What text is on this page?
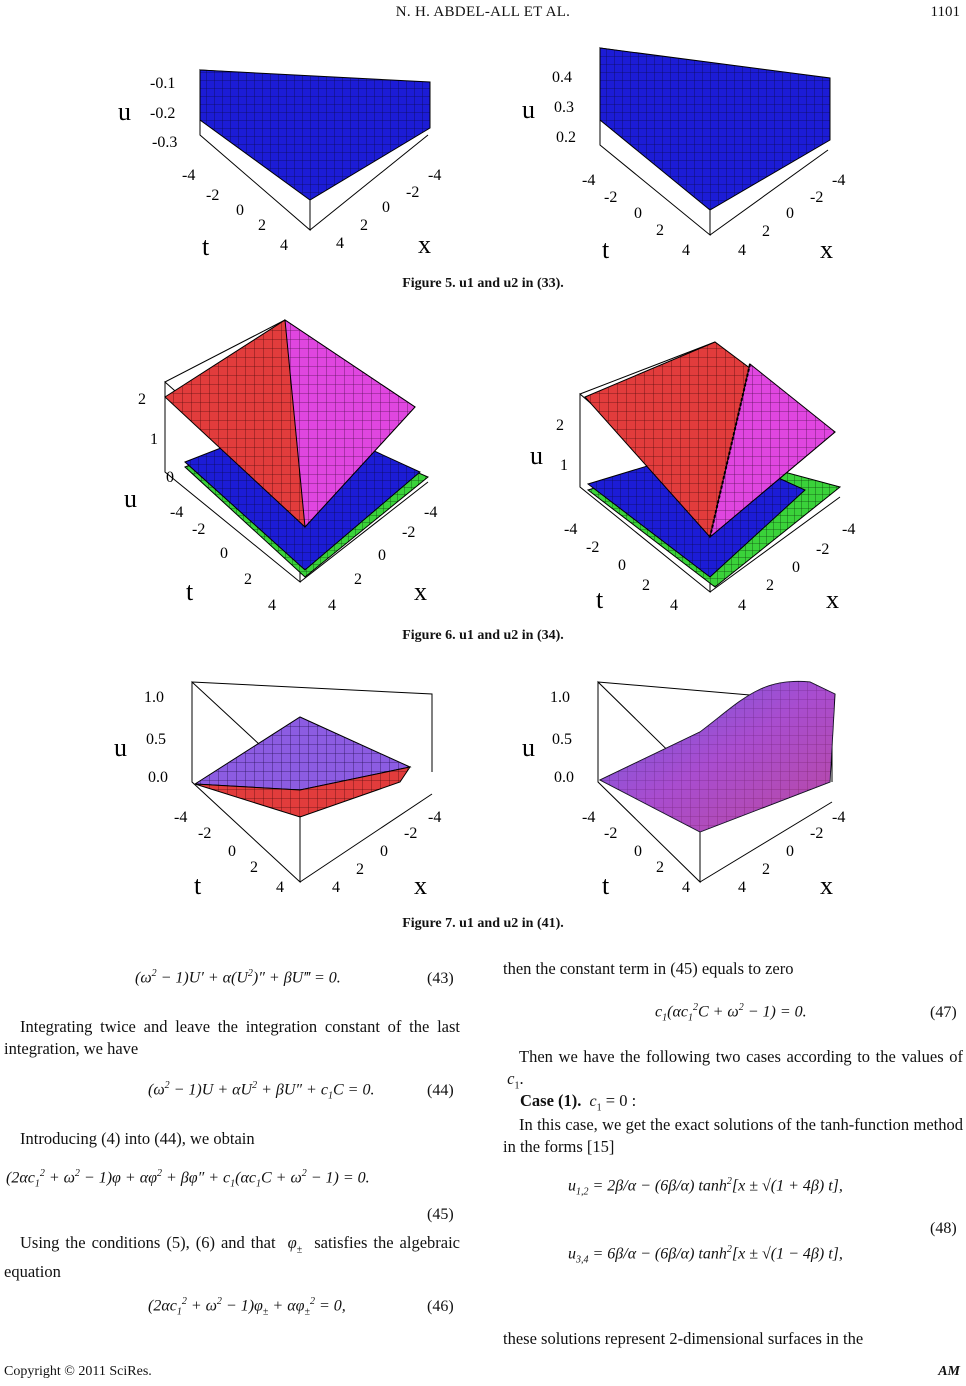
N. H. ABDEL-ALL ET AL.	1101
-0.1
-0.2
-0.3
u
-4
-2
0
2
4
t
-4
-2
0
2
4	x
0.4
0.3
0.2
u
-4
-2
0
2
4
t
-4
-2
0
2
4	x
Figure 5. u1 and u2 in (33).
2
1
0
u -4
-2
0
2
4
t
-4
-2
0
2
4	x
2
1
u
-4
-2
0
2
4
t
-4
-2
0
2
4	x
Figure 6. u1 and u2 in (34).
1.0
0.5
0.0
u
-4
-2
0
2
4
t
-4
-2
0
2
4	x
1.0
0.5
0.0
u
-4
-2
0
2
4
t
-4
-2
0
2
4	x
Figure 7. u1 and u2 in (41).
$(\omega^2 - 1)U' + \alpha(U^2)''$ + βU‴ = 0.	(43)
Integrating twice and leave the integration constant of the last integration, we have
$(\omega^2 - 1)U + \alpha U^2 + \beta U'' + c_1C = 0$.	(44)
Introducing (4) into (44), we obtain
$(2\alpha c_1^2 + \omega^2 - 1)\varphi + \alpha\varphi^2 + \beta\varphi'' + c_1(\alpha c_1C + \omega^2 - 1) = 0$.
(45)
Using the conditions (5), (6) and that  $\varphi_\pm$ satisfies the algebraic equation
$(2\alpha c_1^2 + \omega^2 - 1)\varphi_\pm + \alpha\varphi_\pm^2 = 0$,	(46)
then the constant term in (45) equals to zero
$c_1(\alpha c_1^2C + \omega^2 - 1) = 0$.	(47)
Then we have the following two cases according to the values of  $c_1$.
Case (1).  $c_1 = 0$ :
In this case, we get the exact solutions of the tanh-function method in the forms [15]
$u_{1,2} = 2\beta/\alpha - (6\beta/\alpha) \tanh^2[x \pm √(1 + 4\beta)$ t],
$u_{3,4} = 6\beta/\alpha - (6\beta/\alpha) \tanh^2[x \pm √(1 - 4\beta)$ t],
(48)
these solutions represent 2-dimensional surfaces in the
Copyright © 2011 SciRes.	AM
